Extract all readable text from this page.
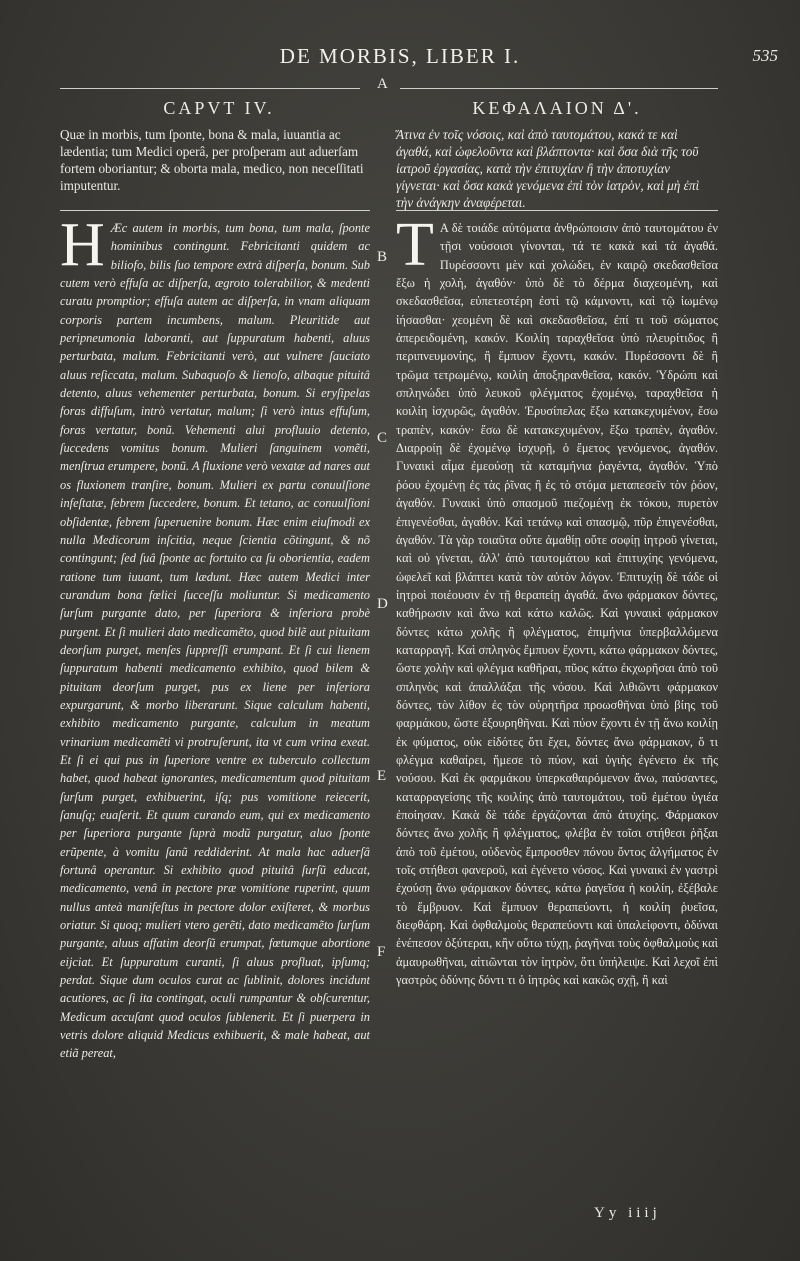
DE MORBIS, LIBER I.	535
A
CAPVT IV.	ΚΕΦΑΛΑΙΟΝ Δ'.
Quæ in morbis, tum ſponte, bona & mala, iuuantia ac lædentia; tum Medici operâ, per proſperam aut aduerſam fortem oboriantur; & oborta mala, medico, non neceſſitati imputentur.
Ἅτινα ἐν τοῖς νόσοις, καὶ ἀπὸ ταυτομάτου, κακά τε καὶ ἀγαθά, καὶ ὠφελοῦντα καὶ βλάπτοντα· καὶ ὅσα διὰ τῆς τοῦ ἰατροῦ ἐργασίας, κατὰ τὴν ἐπιτυχίαν ἢ τὴν ἀποτυχίαν γίγνεται· καὶ ὅσα κακὰ γενόμενα ἐπὶ τὸν ἰατρὸν, καὶ μὴ ἐπὶ τὴν ἀνάγκην ἀναφέρεται.
H Æc autem in morbis, tum bona, tum mala, ſponte hominibus contingunt. Febricitanti quidem ac biliofo, bilis ſuo tempore extrà diſperſa, bonum. Sub cutem verò effuſa ac diſperſa, ægroto tolerabilior, & medenti curatu promptior; effuſa autem ac diſperſa, in vnam aliquam corporis partem incumbens, malum. Pleuritide aut peripneumonia laboranti, aut ſuppuratum habenti, aluus perturbata, malum. Febricitanti verò, aut vulnere ſauciato aluus reſiccata, malum. Subaquoſo & lienoſo, albaque pituitâ detento, aluus vehementer perturbata, bonum. Si eryſipelas foras diffuſum, intrò vertatur, malum; ſi verò intus effuſum, foras vertatur, bonũ. Vehementi alui profluuio detento, ſuccedens vomitus bonum. Mulieri ſanguinem vomẽti, menſtrua erumpere, bonũ. A fluxione verò vexatæ ad nares aut os fluxionem tranſire, bonum. Mulieri ex partu conuulſione infeſtatæ, febrem ſuccedere, bonum. Et tetano, ac conuulſioni obſidentæ, febrem ſuperuenire bonum. Hæc enim eiuſmodi ex nulla Medicorum inſcitia, neque ſcientia cõtingunt, & nõ contingunt; ſed ſuâ ſponte ac fortuito ca ſu oborientia, eadem ratione tum iuuant, tum lædunt. Hæc autem Medici inter curandum bona fœlici ſucceſſu moliuntur. Si medicamento ſurſum purgante dato, per ſuperiora & inferiora probè purgent. Et ſi mulieri dato medicamẽto, quod bilẽ aut pituitam deorſum purget, menſes ſuppreſſi erumpant. Et ſi cui lienem ſuppuratum habenti medicamento exhibito, quod bilem & pituitam deorſum purget, pus ex liene per inferiora expurgarunt, & morbo liberarunt. Sique calculum habenti, exhibito medicamento purgante, calculum in meatum vrinarium medicamẽti vi protruſerunt, ita vt cum vrina exeat. Et ſi ei qui pus in ſuperiore ventre ex tuberculo collectum habet, quod habeat ignorantes, medicamentum quod pituitam ſurſum purget, exhibuerint, iſq; pus vomitione reiecerit, ſanuſq; euaſerit. Et quum curando eum, qui ex medicamento per ſuperiora purgante ſuprà modũ purgatur, aluo ſponte erũpente, à vomitu ſanũ reddiderint. At mala hac aduerſâ fortunâ operantur. Si exhibito quod pituitâ ſurſũ educat, medicamento, venâ in pectore præ vomitione ruperint, quum nullus anteà manifeſtus in pectore dolor exiſteret, & morbus oriatur. Si quoq; mulieri vtero gerẽti, dato medicamẽto ſurſum purgante, aluus affatim deorſũ erumpat, fœtumque abortione eijciat. Et ſuppuratum curanti, ſi aluus profluat, ipſumq; perdat. Sique dum oculos curat ac ſublinit, dolores incidunt acutiores, ac ſi ita contingat, oculi rumpantur & obſcurentur, Medicum accuſant quod oculos ſublenerit. Et ſi puerpera in vetris dolore aliquid Medicus exhibuerit, & male habeat, aut etiã pereat,
Τ Α δὲ τοιάδε αὐτόματα ἀνθρώποισιν ἀπὸ ταυτομάτου ἐν τῇσι νούσοισι γίνονται, τά τε κακὰ καὶ τὰ ἀγαθά. Πυρέσσοντι μὲν καὶ χολώδει, ἐν καιρῷ σκεδασθεῖσα ἔξω ἡ χολὴ, ἀγαθόν· ὑπὸ δὲ τὸ δέρμα διαχεομένη, καὶ σκεδασθεῖσα, εὐπετεστέρη ἐστὶ τῷ κάμνοντι, καὶ τῷ ἰωμένῳ ἰήσασθαι· χεομένη δὲ καὶ σκεδασθεῖσα, ἐπί τι τοῦ σώματος ἀπερειδομένη, κακόν. Κοιλίη ταραχθεῖσα ὑπὸ πλευρίτιδος ἢ περιπνευμονίης, ἢ ἔμπυον ἔχοντι, κακόν. Πυρέσσοντι δὲ ἢ τρῶμα τετρωμένῳ, κοιλίη ἀποξηρανθεῖσα, κακόν. Ὑδρώπι καὶ σπληνώδει ὑπὸ λευκοῦ φλέγματος ἐχομένῳ, ταραχθεῖσα ἡ κοιλίη ἰσχυρῶς, ἀγαθόν. Ἐρυσίπελας ἔξω κατακεχυμένον, ἔσω τραπὲν, κακόν· ἔσω δὲ κατακεχυμένον, ἔξω τραπὲν, ἀγαθόν. Διαρροίῃ δὲ ἐχομένῳ ἰσχυρῇ, ὁ ἔμετος γενόμενος, ἀγαθόν. Γυναικὶ αἷμα ἐμεούσῃ τὰ καταμήνια ῥαγέντα, ἀγαθόν. Ὑπὸ ῥόου ἐχομένῃ ἐς τὰς ῥῖνας ἢ ἐς τὸ στόμα μεταπεσεῖν τὸν ῥόον, ἀγαθόν. Γυναικὶ ὑπὸ σπασμοῦ πιεζομένῃ ἐκ τόκου, πυρετὸν ἐπιγενέσθαι, ἀγαθόν. Καὶ τετάνῳ καὶ σπασμῷ, πῦρ ἐπιγενέσθαι, ἀγαθόν. Τὰ γὰρ τοιαῦτα οὔτε ἀμαθίῃ οὔτε σοφίῃ ἰητροῦ γίνεται, καὶ οὐ γίνεται, ἀλλ' ἀπὸ ταυτομάτου καὶ ἐπιτυχίης γενόμενα, ὠφελεῖ καὶ βλάπτει κατὰ τὸν αὐτὸν λόγον. Ἐπιτυχίῃ δὲ τάδε οἱ ἰητροὶ ποιέουσιν ἐν τῇ θεραπείῃ ἀγαθά. ἄνω φάρμακον δόντες, καθήρωσιν καὶ ἄνω καὶ κάτω καλῶς. Καὶ γυναικὶ φάρμακον δόντες κάτω χολῆς ἢ φλέγματος, ἐπιμήνια ὑπερβαλλόμενα καταρραγῆ. Καὶ σπληνὸς ἔμπυον ἔχοντι, κάτω φάρμακον δόντες, ὥστε χολὴν καὶ φλέγμα καθῆραι, πῦος κάτω ἐκχωρῆσαι ἀπὸ τοῦ σπληνὸς καὶ ἀπαλλάξαι τῆς νόσου. Καὶ λιθιῶντι φάρμακον δόντες, τὸν λίθον ἐς τὸν οὐρητῆρα προωσθῆναι ὑπὸ βίης τοῦ φαρμάκου, ὥστε ἐξουρηθῆναι. Καὶ πύον ἔχοντι ἐν τῇ ἄνω κοιλίῃ ἐκ φύματος, οὐκ εἰδότες ὅτι ἔχει, δόντες ἄνω φάρμακον, ὅ τι φλέγμα καθαίρει, ἤμεσε τὸ πύον, καὶ ὑγιὴς ἐγένετο ἐκ τῆς νούσου. Καὶ ἐκ φαρμάκου ὑπερκαθαιρόμενον ἄνω, παύσαντες, καταρραγείσης τῆς κοιλίης ἀπὸ ταυτομάτου, τοῦ ἐμέτου ὑγιέα ἐποίησαν. Κακὰ δὲ τάδε ἐργάζονται ἀπὸ ἀτυχίης. Φάρμακον δόντες ἄνω χολῆς ἢ φλέγματος, φλέβα ἐν τοῖσι στήθεσι ῥῆξαι ἀπὸ τοῦ ἐμέτου, οὐδενὸς ἔμπροσθεν πόνου ὄντος ἀλγήματος ἐν τοῖς στήθεσι φανεροῦ, καὶ ἐγένετο νόσος. Καὶ γυναικὶ ἐν γαστρὶ ἐχούσῃ ἄνω φάρμακον δόντες, κάτω ῥαγεῖσα ἡ κοιλίη, ἐξέβαλε τὸ ἔμβρυον. Καὶ ἔμπυον θεραπεύοντι, ἡ κοιλίη ῥυεῖσα, διεφθάρη. Καὶ ὀφθαλμοὺς θεραπεύοντι καὶ ὑπαλείφοντι, ὀδύναι ἐνέπεσον ὀξύτεραι, κἢν οὕτω τύχῃ, ῥαγῆναι τοὺς ὀφθαλμοὺς καὶ ἀμαυρωθῆναι, αἰτιῶνται τὸν ἰητρὸν, ὅτι ὑπήλειψε. Καὶ λεχοῖ ἐπὶ γαστρὸς ὀδύνης δόντι τι ὁ ἰητρὸς καὶ κακῶς σχῇ, ἢ καὶ
B
C
D
E
F
Yy iiij
